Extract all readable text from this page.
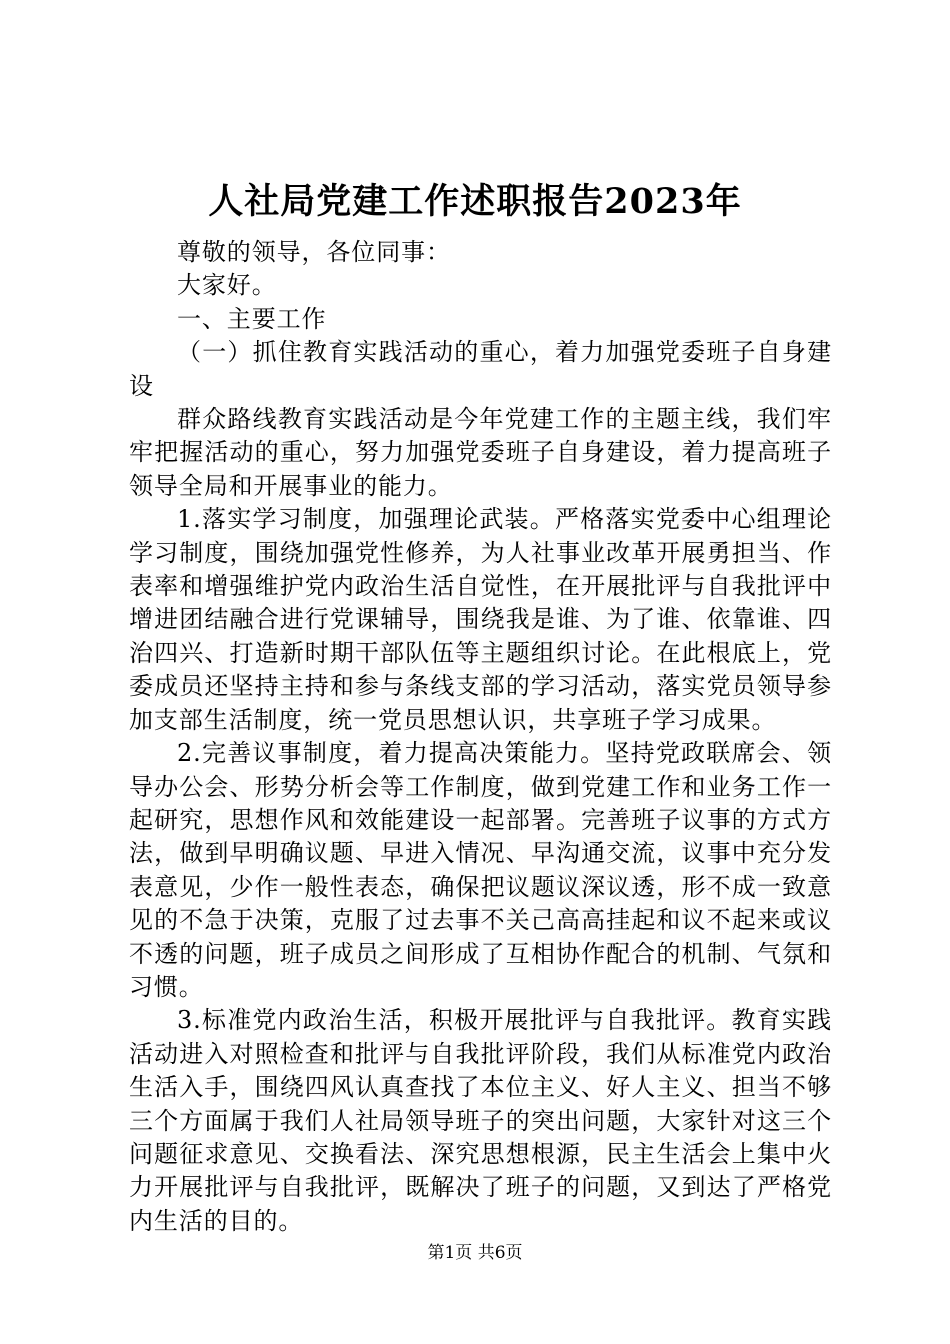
人社局党建工作述职报告2023年

尊敬的领导，各位同事：

大家好。

一、主要工作

（一）抓住教育实践活动的重心，着力加强党委班子自身建设

群众路线教育实践活动是今年党建工作的主题主线，我们牢牢把握活动的重心，努力加强党委班子自身建设，着力提高班子领导全局和开展事业的能力。

1.落实学习制度，加强理论武装。严格落实党委中心组理论学习制度，围绕加强党性修养，为人社事业改革开展勇担当、作表率和增强维护党内政治生活自觉性，在开展批评与自我批评中增进团结融合进行党课辅导，围绕我是谁、为了谁、依靠谁、四治四兴、打造新时期干部队伍等主题组织讨论。在此根底上，党委成员还坚持主持和参与条线支部的学习活动，落实党员领导参加支部生活制度，统一党员思想认识，共享班子学习成果。

2.完善议事制度，着力提高决策能力。坚持党政联席会、领导办公会、形势分析会等工作制度，做到党建工作和业务工作一起研究，思想作风和效能建设一起部署。完善班子议事的方式方法，做到早明确议题、早进入情况、早沟通交流，议事中充分发表意见，少作一般性表态，确保把议题议深议透，形不成一致意见的不急于决策，克服了过去事不关己高高挂起和议不起来或议不透的问题，班子成员之间形成了互相协作配合的机制、气氛和习惯。

3.标准党内政治生活，积极开展批评与自我批评。教育实践活动进入对照检查和批评与自我批评阶段，我们从标准党内政治生活入手，围绕四风认真查找了本位主义、好人主义、担当不够三个方面属于我们人社局领导班子的突出问题，大家针对这三个问题征求意见、交换看法、深究思想根源，民主生活会上集中火力开展批评与自我批评，既解决了班子的问题，又到达了严格党内生活的目的。

第1页 共6页
